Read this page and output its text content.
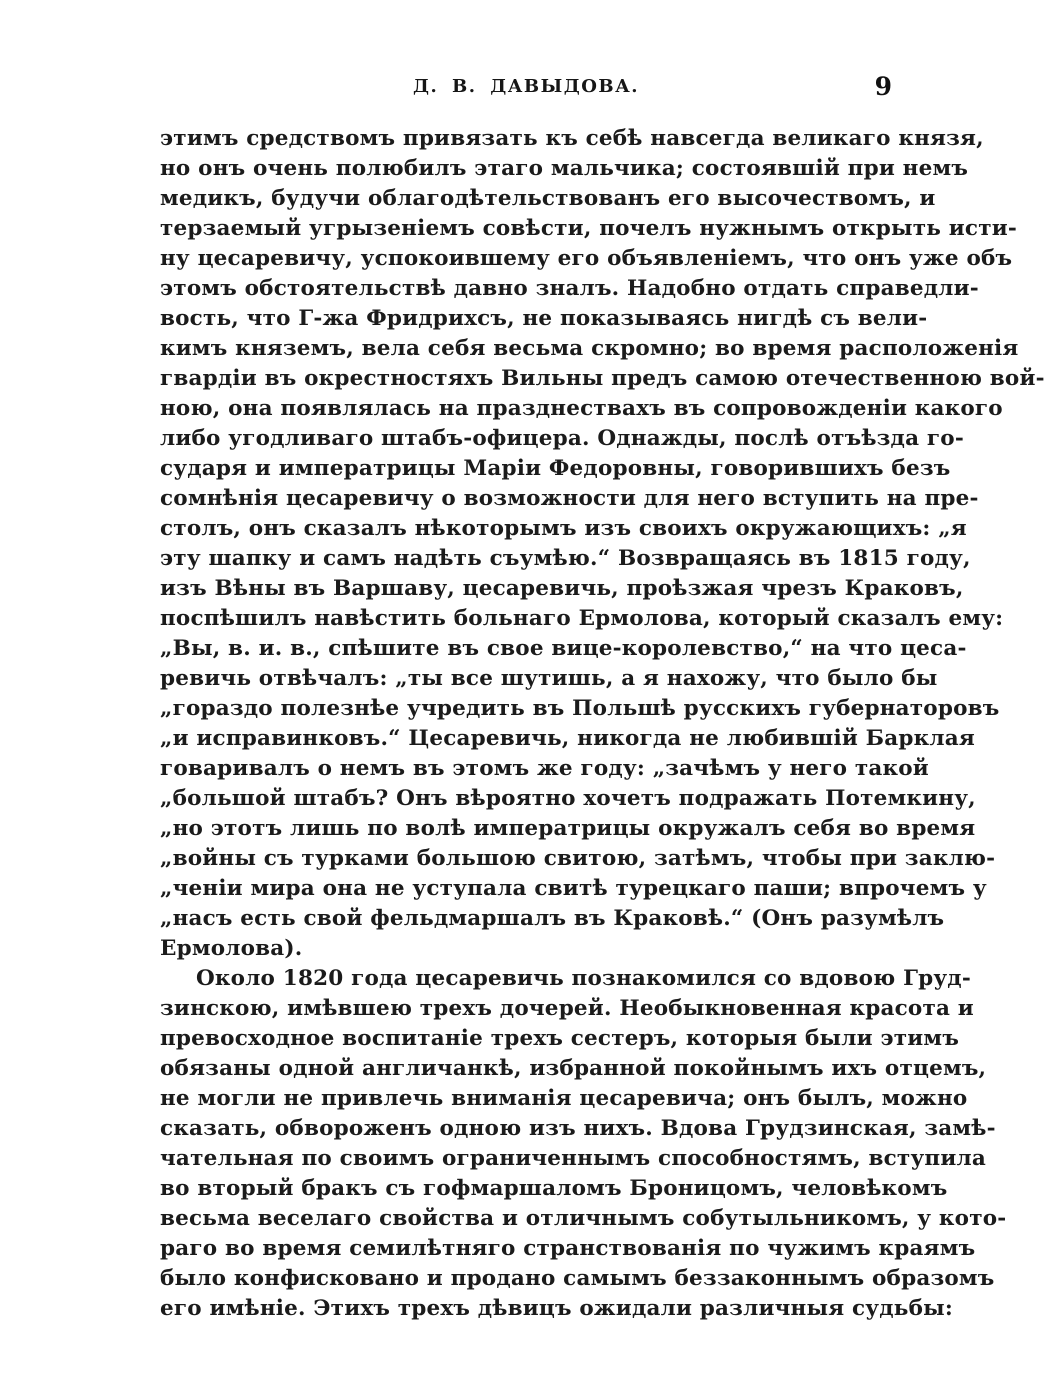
Д. В. ДАВЫДОВА.	9
этимъ средствомъ привязать къ себѣ навсегда великаго князя,
но онъ очень полюбилъ этаго мальчика; состоявшій при немъ
медикъ, будучи облагодѣтельствованъ его высочествомъ, и
терзаемый угрызеніемъ совѣсти, почелъ нужнымъ открыть исти-
ну цесаревичу, успокоившему его объявленіемъ, что онъ уже объ
этомъ обстоятельствѣ давно зналъ. Надобно отдать справедли-
вость, что Г-жа Фридрихсъ, не показываясь нигдѣ съ вели-
кимъ княземъ, вела себя весьма скромно; во время расположенія
гвардіи въ окрестностяхъ Вильны предъ самою отечественною вой-
ною, она появлялась на празднествахъ въ сопровожденіи какого
либо угодливаго штабъ-офицера. Однажды, послѣ отъѣзда го-
сударя и императрицы Маріи Федоровны, говорившихъ безъ
сомнѣнія цесаревичу о возможности для него вступить на пре-
столъ, онъ сказалъ нѣкоторымъ изъ своихъ окружающихъ: „я
эту шапку и самъ надѣть съумѣю.“ Возвращаясь въ 1815 году,
изъ Вѣны въ Варшаву, цесаревичь, проѣзжая чрезъ Краковъ,
поспѣшилъ навѣстить больнаго Ермолова, который сказалъ ему:
„Вы, в. и. в., спѣшите въ свое вице-королевство,“ на что цеса-
ревичь отвѣчалъ: „ты все шутишь, а я нахожу, что было бы
„гораздо полезнѣе учредить въ Польшѣ русскихъ губернаторовъ
„и исправинковъ.“ Цесаревичь, никогда не любившій Барклая
говаривалъ о немъ въ этомъ же году: „зачѣмъ у него такой
„большой штабъ? Онъ вѣроятно хочетъ подражать Потемкину,
„но этотъ лишь по волѣ императрицы окружалъ себя во время
„войны съ турками большою свитою, затѣмъ, чтобы при заклю-
„ченіи мира она не уступала свитѣ турецкаго паши; впрочемъ у
„насъ есть свой фельдмаршалъ въ Краковѣ.“ (Онъ разумѣлъ
Ермолова).
Около 1820 года цесаревичь познакомился со вдовою Груд-
зинскою, имѣвшею трехъ дочерей. Необыкновенная красота и
превосходное воспитаніе трехъ сестеръ, которыя были этимъ
обязаны одной англичанкѣ, избранной покойнымъ ихъ отцемъ,
не могли не привлечь вниманія цесаревича; онъ былъ, можно
сказать, обвороженъ одною изъ нихъ. Вдова Грудзинская, замѣ-
чательная по своимъ ограниченнымъ способностямъ, вступила
во вторый бракъ съ гофмаршаломъ Броницомъ, человѣкомъ
весьма веселаго свойства и отличнымъ собутыльникомъ, у кото-
раго во время семилѣтняго странствованія по чужимъ краямъ
было конфисковано и продано самымъ беззаконнымъ образомъ
его имѣніе. Этихъ трехъ дѣвицъ ожидали различныя судьбы:
